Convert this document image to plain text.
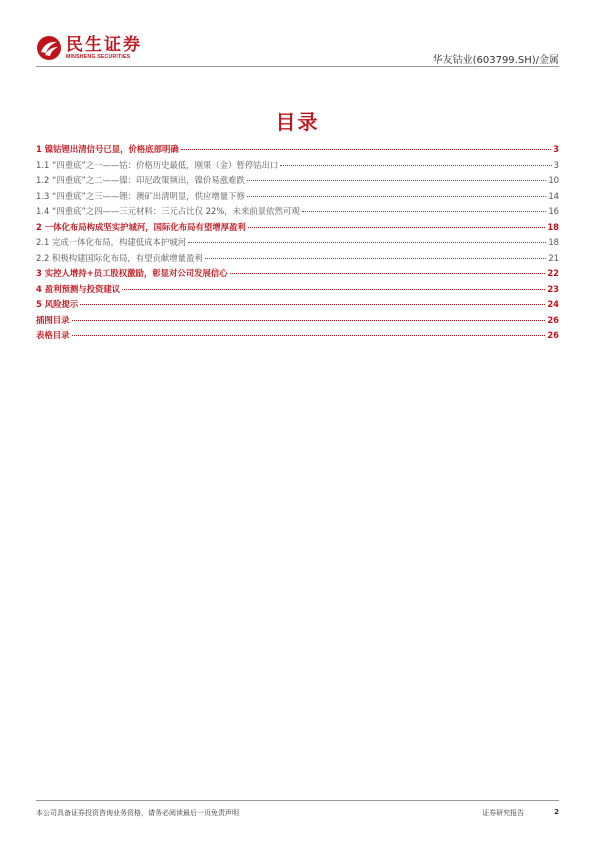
民生证券
MINSHENG SECURITIES	华友钴业(603799.SH)/金属
目录
1 镍钴锂出清信号已显，价格底部明确	3
1.1 “四重底”之一——钴：价格历史最低，刚果（金）暂停钴出口	3
1.2 “四重底”之二——镍：印尼政策频出，镍价易涨难跌	10
1.3 “四重底”之三——锂：澳矿出清明显，供应增量下修	14
1.4 “四重底”之四——三元材料：三元占比仅 22%，未来前景依然可观	16
2 一体化布局构成坚实护城河，国际化布局有望增厚盈利	18
2.1 完成一体化布局，构建低成本护城河	18
2.2 积极构建国际化布局，有望贡献增量盈利	21
3 实控人增持+员工股权激励，彰显对公司发展信心	22
4 盈利预测与投资建议	23
5 风险提示	24
插图目录	26
表格目录	26
本公司具备证券投资咨询业务资格，请务必阅读最后一页免责声明	证券研究报告	2
